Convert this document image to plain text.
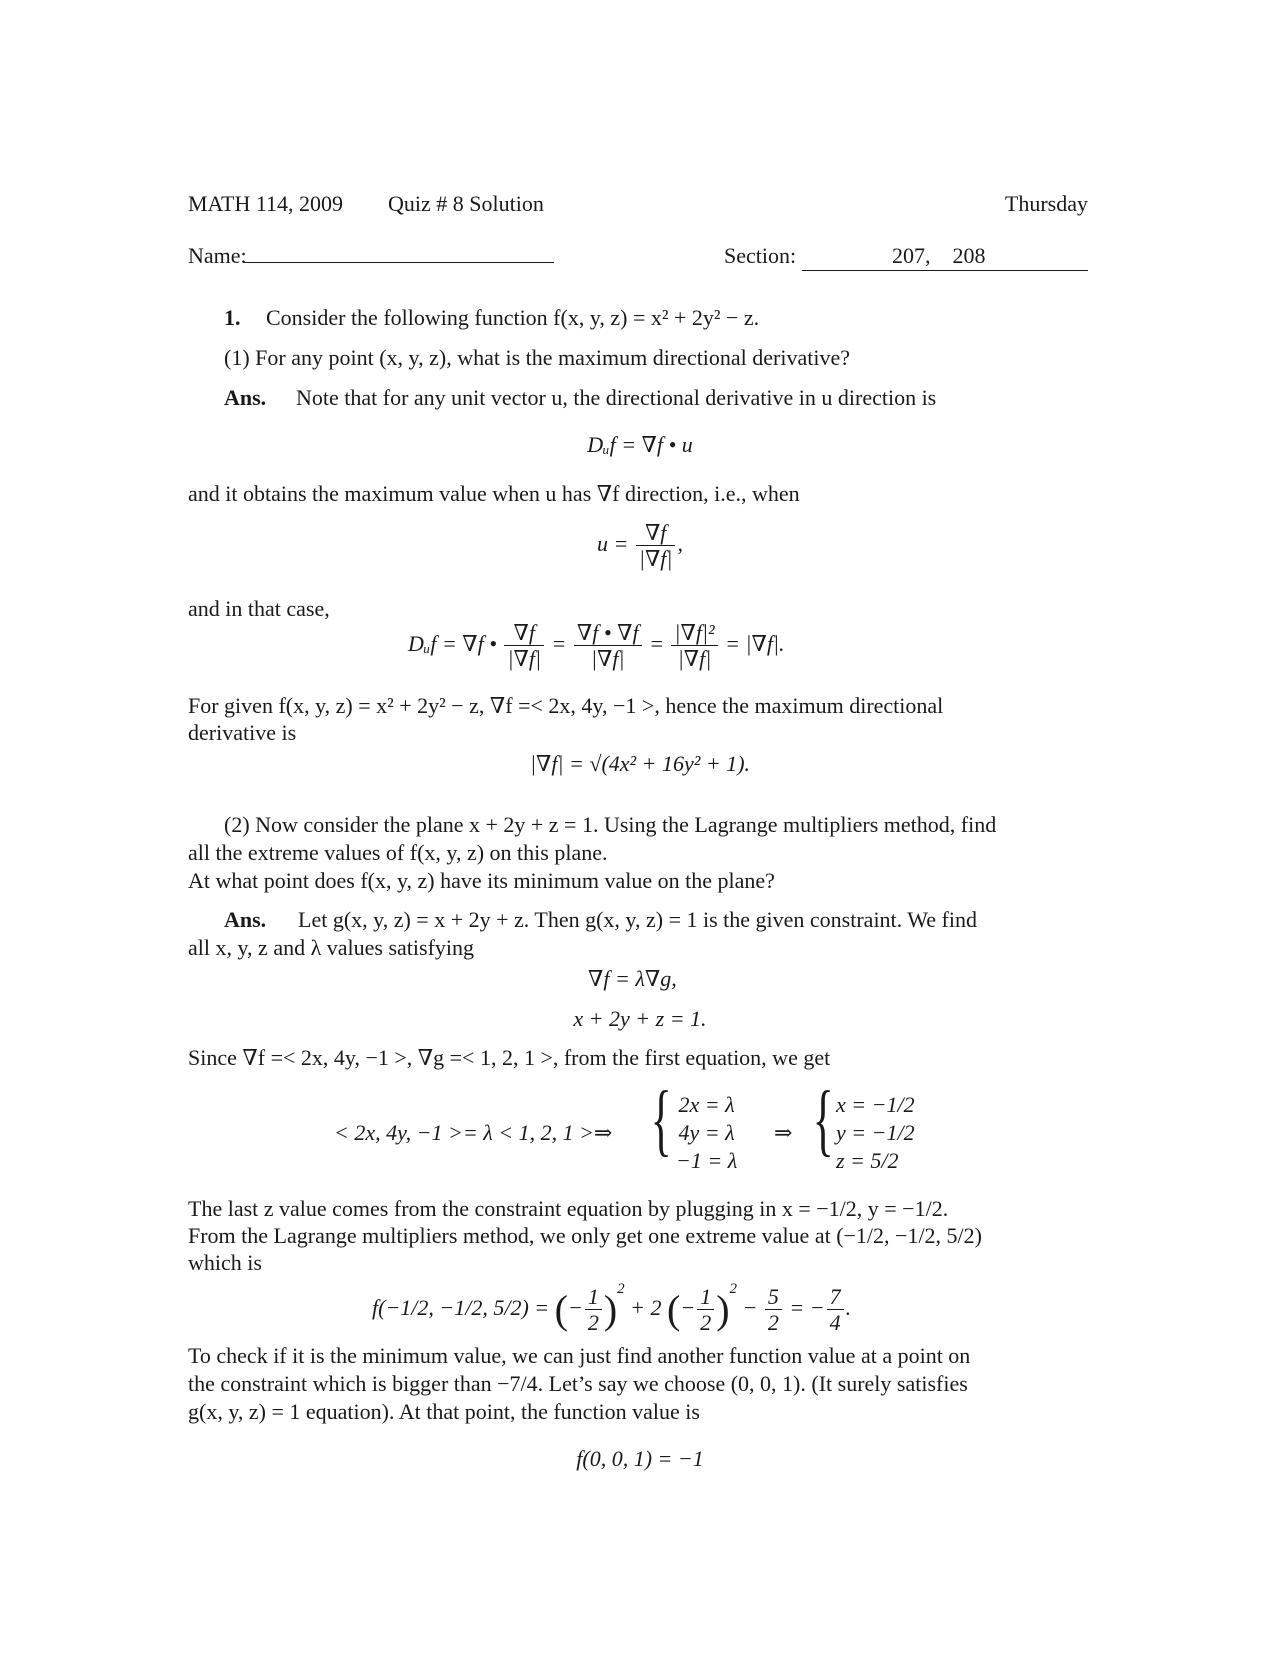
MATH 114, 2009 Quiz # 8 Solution	Thursday
Name:	Section:	207,    208
1. Consider the following function f(x, y, z) = x² + 2y² − z.
(1) For any point (x, y, z), what is the maximum directional derivative?
Ans. Note that for any unit vector u, the directional derivative in u direction is
Dᵤf = ∇f • u
and it obtains the maximum value when u has ∇f direction, i.e., when
$u = \frac{\nabla f}{|\nabla f|}$ ,
and in that case,
Dᵤf = ∇f • $\frac{\nabla f}{|\nabla f|} = \frac{\nabla f • \nabla f}{|\nabla f|} = \frac{\text{|∇f|²}}{|\nabla f|} = |\nabla f|$.
For given f(x, y, z) = x² + 2y² − z, ∇f =< 2x, 4y, −1 >, hence the maximum directional
derivative is
|∇f| = √(4x² + 16y² + 1).
(2) Now consider the plane x + 2y + z = 1. Using the Lagrange multipliers method, find
all the extreme values of f(x, y, z) on this plane.
At what point does f(x, y, z) have its minimum value on the plane?
Ans. Let g(x, y, z) = x + 2y + z. Then g(x, y, z) = 1 is the given constraint. We find
all x, y, z and λ values satisfying
∇f = λ∇g,
x + 2y + z = 1.
Since ∇f =< 2x, 4y, −1 >, ∇g =< 1, 2, 1 >, from the first equation, we get
< 2x, 4y, −1 >= λ < 1, 2, 1 >⇒ { 2x = λ
4y = λ
−1 = λ
⇒ { x = −1/2
y = −1/2
z = 5/2
The last z value comes from the constraint equation by plugging in x = −1/2, y = −1/2.
From the Lagrange multipliers method, we only get one extreme value at (−1/2, −1/2, 5/2)
which is
f(−1/2, −1/2, 5/2) = (− $\frac{1}{2} )^2 + 2$ (− $\frac{1}{2} )^2 - \frac{5}{2}$ = − $\frac{7}{4}$ .
To check if it is the minimum value, we can just find another function value at a point on
the constraint which is bigger than −7/4. Let’s say we choose (0, 0, 1). (It surely satisfies
g(x, y, z) = 1 equation). At that point, the function value is
f(0, 0, 1) = −1
